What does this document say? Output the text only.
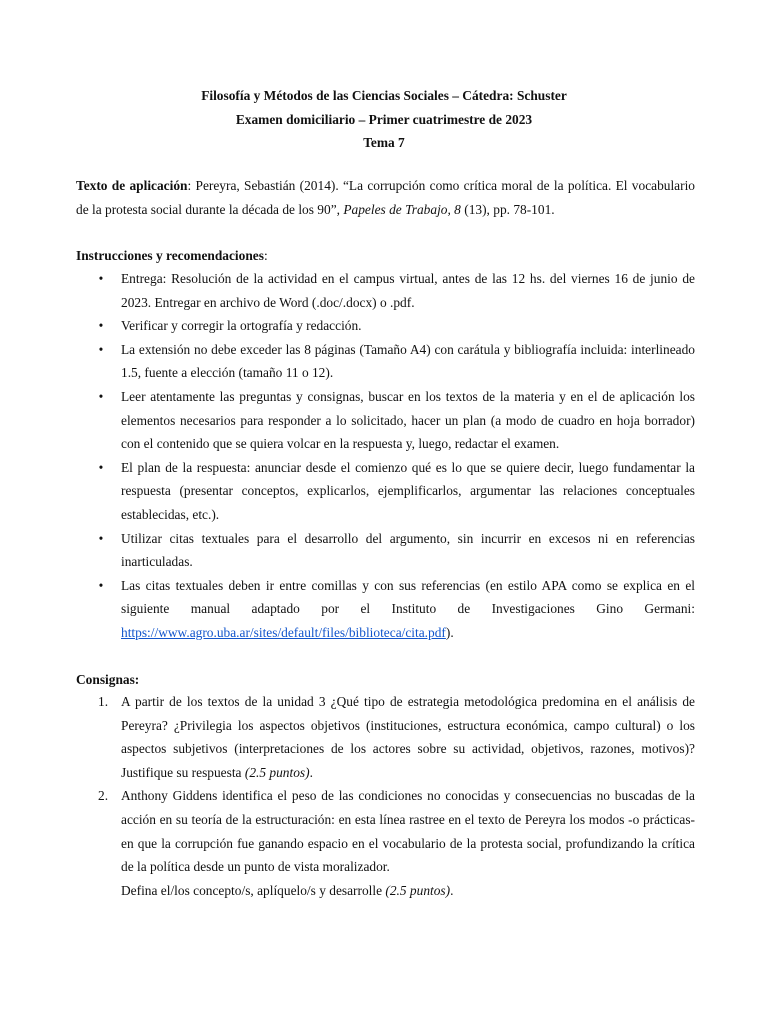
Filosofía y Métodos de las Ciencias Sociales – Cátedra: Schuster
Examen domiciliario – Primer cuatrimestre de 2023
Tema 7
Texto de aplicación: Pereyra, Sebastián (2014). “La corrupción como crítica moral de la política. El vocabulario de la protesta social durante la década de los 90”, Papeles de Trabajo, 8 (13), pp. 78-101.
Instrucciones y recomendaciones:
• Entrega: Resolución de la actividad en el campus virtual, antes de las 12 hs. del viernes 16 de junio de 2023. Entregar en archivo de Word (.doc/.docx) o .pdf.
• Verificar y corregir la ortografía y redacción.
• La extensión no debe exceder las 8 páginas (Tamaño A4) con carátula y bibliografía incluida: interlineado 1.5, fuente a elección (tamaño 11 o 12).
• Leer atentamente las preguntas y consignas, buscar en los textos de la materia y en el de aplicación los elementos necesarios para responder a lo solicitado, hacer un plan (a modo de cuadro en hoja borrador) con el contenido que se quiera volcar en la respuesta y, luego, redactar el examen.
• El plan de la respuesta: anunciar desde el comienzo qué es lo que se quiere decir, luego fundamentar la respuesta (presentar conceptos, explicarlos, ejemplificarlos, argumentar las relaciones conceptuales establecidas, etc.).
• Utilizar citas textuales para el desarrollo del argumento, sin incurrir en excesos ni en referencias inarticuladas.
• Las citas textuales deben ir entre comillas y con sus referencias (en estilo APA como se explica en el siguiente manual adaptado por el Instituto de Investigaciones Gino Germani: https://www.agro.uba.ar/sites/default/files/biblioteca/cita.pdf).
Consignas:
1. A partir de los textos de la unidad 3 ¿Qué tipo de estrategia metodológica predomina en el análisis de Pereyra? ¿Privilegia los aspectos objetivos (instituciones, estructura económica, campo cultural) o los aspectos subjetivos (interpretaciones de los actores sobre su actividad, objetivos, razones, motivos)? Justifique su respuesta (2.5 puntos).
2. Anthony Giddens identifica el peso de las condiciones no conocidas y consecuencias no buscadas de la acción en su teoría de la estructuración: en esta línea rastree en el texto de Pereyra los modos -o prácticas- en que la corrupción fue ganando espacio en el vocabulario de la protesta social, profundizando la crítica de la política desde un punto de vista moralizador.
Defina el/los concepto/s, aplíquelo/s y desarrolle (2.5 puntos).
